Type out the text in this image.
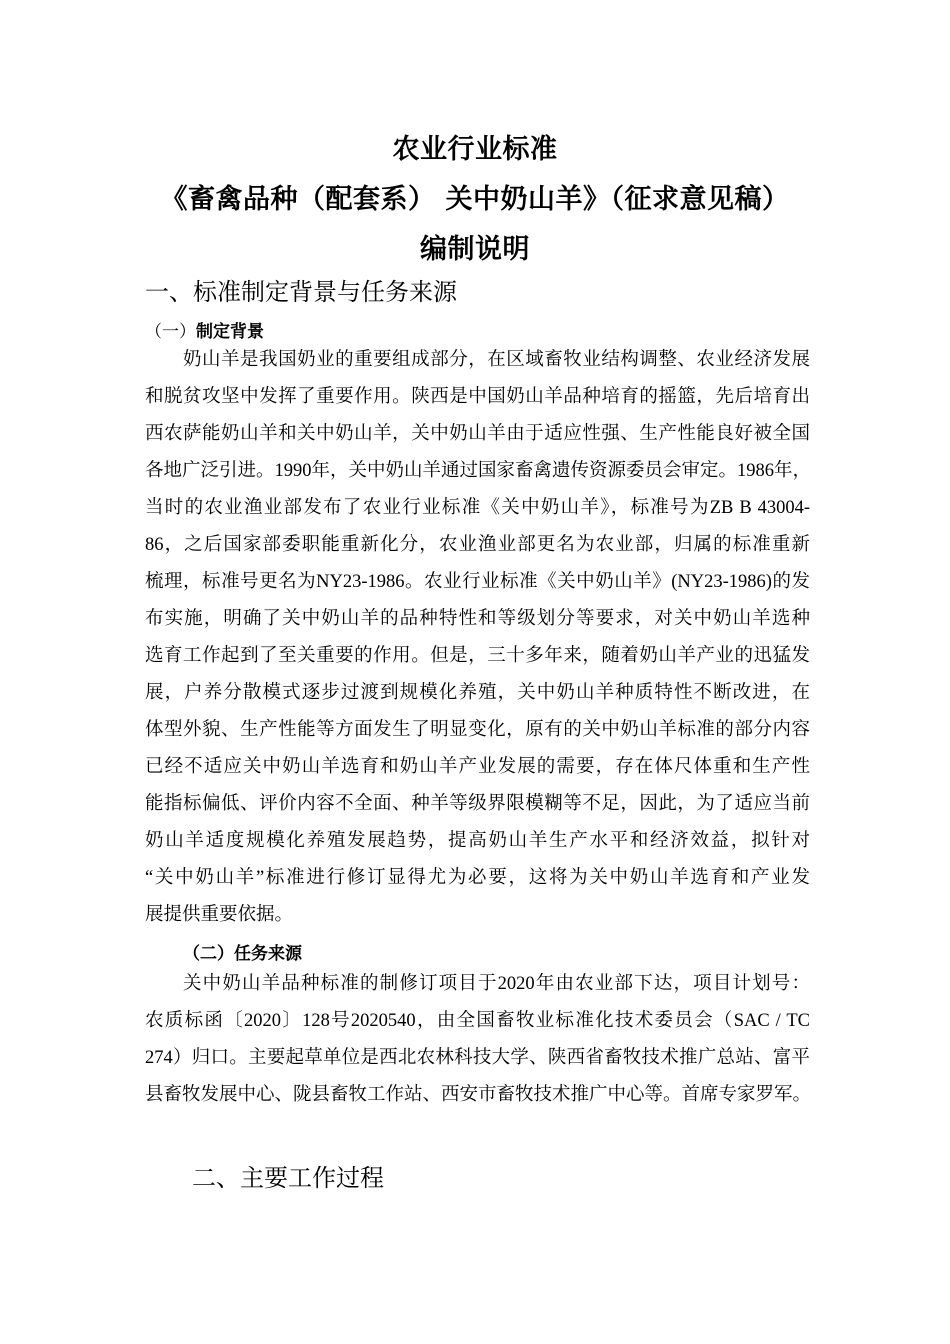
农业行业标准
《畜禽品种（配套系） 关中奶山羊》（征求意见稿）
编制说明
一、标准制定背景与任务来源
（一）制定背景
奶山羊是我国奶业的重要组成部分，在区域畜牧业结构调整、农业经济发展
和脱贫攻坚中发挥了重要作用。陕西是中国奶山羊品种培育的摇篮，先后培育出
西农萨能奶山羊和关中奶山羊，关中奶山羊由于适应性强、生产性能良好被全国
各地广泛引进。1990年，关中奶山羊通过国家畜禽遗传资源委员会审定。1986年，
当时的农业渔业部发布了农业行业标准《关中奶山羊》，标准号为ZB B 43004-
86，之后国家部委职能重新化分，农业渔业部更名为农业部，归属的标准重新
梳理，标准号更名为NY23-1986。农业行业标准《关中奶山羊》(NY23-1986)的发
布实施，明确了关中奶山羊的品种特性和等级划分等要求，对关中奶山羊选种
选育工作起到了至关重要的作用。但是，三十多年来，随着奶山羊产业的迅猛发
展，户养分散模式逐步过渡到规模化养殖，关中奶山羊种质特性不断改进，在
体型外貌、生产性能等方面发生了明显变化，原有的关中奶山羊标准的部分内容
已经不适应关中奶山羊选育和奶山羊产业发展的需要，存在体尺体重和生产性
能指标偏低、评价内容不全面、种羊等级界限模糊等不足，因此，为了适应当前
奶山羊适度规模化养殖发展趋势，提高奶山羊生产水平和经济效益，拟针对
“关中奶山羊”标准进行修订显得尤为必要，这将为关中奶山羊选育和产业发
展提供重要依据。
（二）任务来源
关中奶山羊品种标准的制修订项目于2020年由农业部下达，项目计划号：
农质标函〔2020〕128号2020540，由全国畜牧业标准化技术委员会（SAC / TC
274）归口。主要起草单位是西北农林科技大学、陕西省畜牧技术推广总站、富平
县畜牧发展中心、陇县畜牧工作站、西安市畜牧技术推广中心等。首席专家罗军。
二、主要工作过程
